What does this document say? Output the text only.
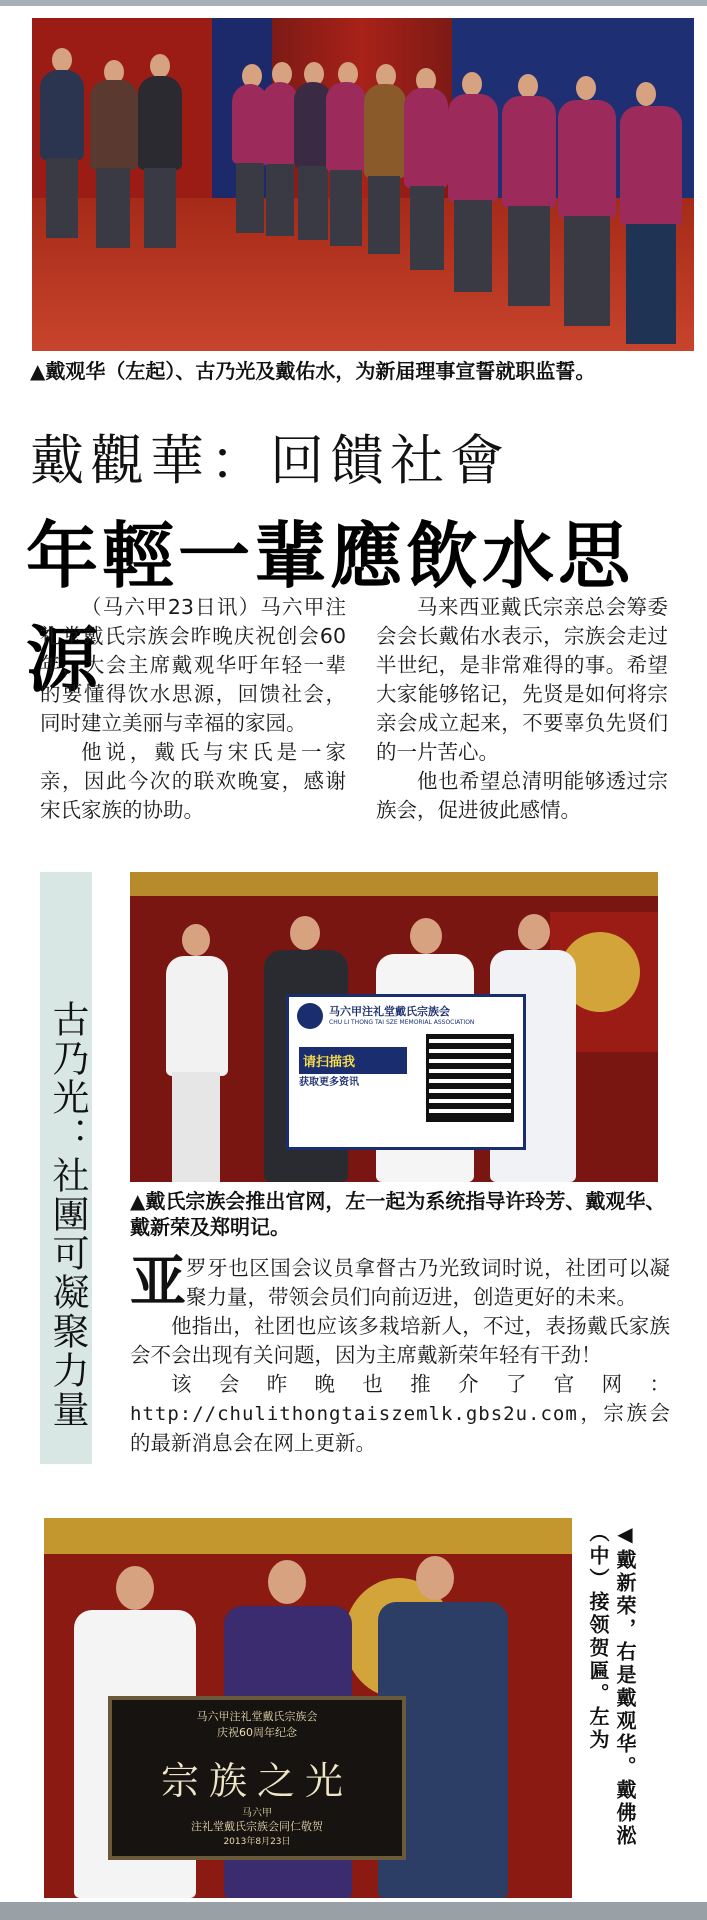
▲戴观华（左起）、古乃光及戴佑水，为新届理事宣誓就职监誓。
戴觀華：回饋社會
年輕一輩應飲水思源

（马六甲23日讯）马六甲注礼堂戴氏宗族会昨晚庆祝创会60年，大会主席戴观华吁年轻一辈的要懂得饮水思源，回馈社会，同时建立美丽与幸福的家园。

他说，戴氏与宋氏是一家亲，因此今次的联欢晚宴，感谢宋氏家族的协助。

马来西亚戴氏宗亲总会筹委会会长戴佑水表示，宗族会走过半世纪，是非常难得的事。希望大家能够铭记，先贤是如何将宗亲会成立起来，不要辜负先贤们的一片苦心。

他也希望总清明能够透过宗族会，促进彼此感情。

古乃光：社團可凝聚力量	马六甲注礼堂戴氏宗族会
CHU LI THONG TAI SZE MEMORIAL ASSOCIATION
请扫描我
获取更多资讯
▲戴氏宗族会推出官网，左一起为系统指导许玲芳、戴观华、戴新荣及郑明记。
亚 罗牙也区国会议员拿督古乃光致词时说，社团可以凝聚力量，带领会员们向前迈进，创造更好的未来。

他指出，社团也应该多栽培新人，不过，表扬戴氏家族会不会出现有关问题，因为主席戴新荣年轻有干劲！

该会昨晚也推介了官网：http://chulithongtaiszemlk.gbs2u.com，宗族会的最新消息会在网上更新。

马六甲注礼堂戴氏宗族会
庆祝60周年纪念
宗族之光
马六甲
注礼堂戴氏宗族会同仁敬贺
2013年8月23日	◀戴新荣，右是戴观华。戴佛淞（中）接领贺匾。左为
